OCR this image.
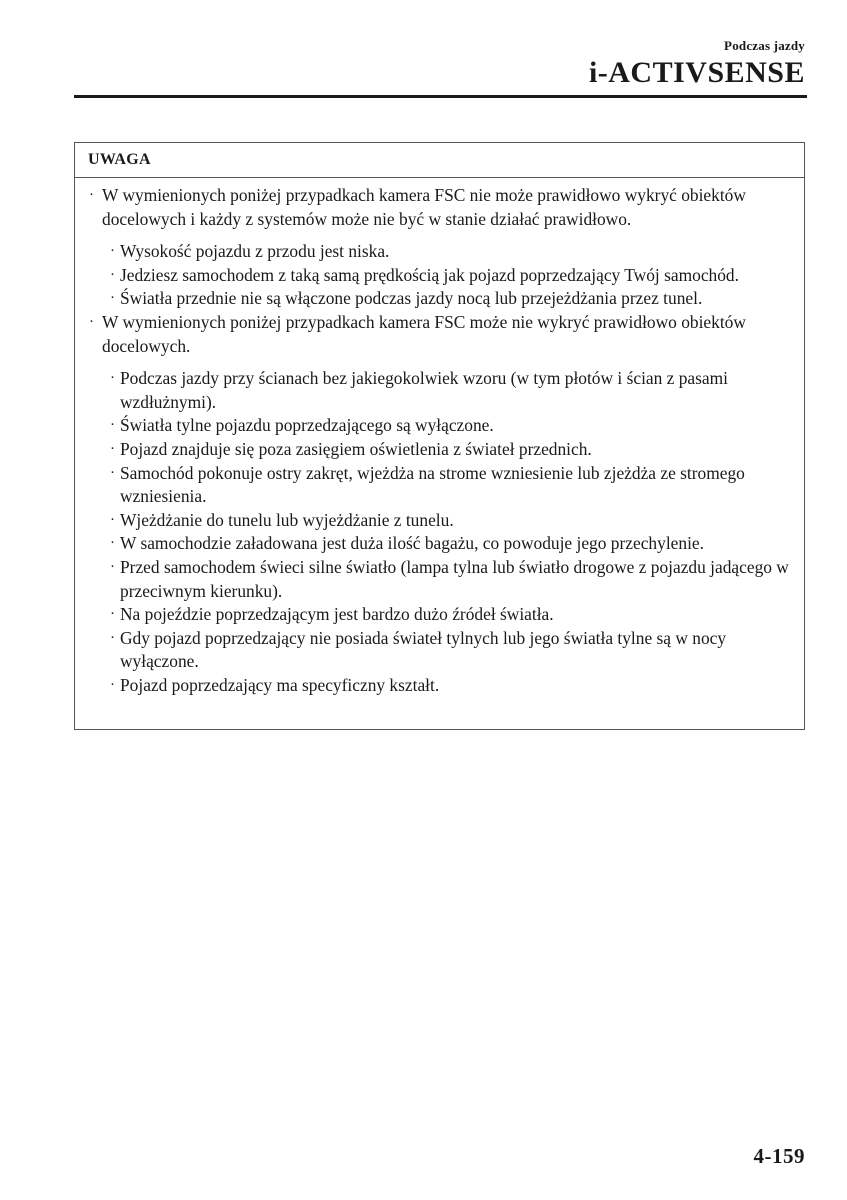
Podczas jazdy
i-ACTIVSENSE
UWAGA
· W wymienionych poniżej przypadkach kamera FSC nie może prawidłowo wykryć obiektów docelowych i każdy z systemów może nie być w stanie działać prawidłowo.
· Wysokość pojazdu z przodu jest niska.
· Jedziesz samochodem z taką samą prędkością jak pojazd poprzedzający Twój samochód.
· Światła przednie nie są włączone podczas jazdy nocą lub przejeżdżania przez tunel.
· W wymienionych poniżej przypadkach kamera FSC może nie wykryć prawidłowo obiektów docelowych.
· Podczas jazdy przy ścianach bez jakiegokolwiek wzoru (w tym płotów i ścian z pasami wzdłużnymi).
· Światła tylne pojazdu poprzedzającego są wyłączone.
· Pojazd znajduje się poza zasięgiem oświetlenia z świateł przednich.
· Samochód pokonuje ostry zakręt, wjeżdża na strome wzniesienie lub zjeżdża ze stromego wzniesienia.
· Wjeżdżanie do tunelu lub wyjeżdżanie z tunelu.
· W samochodzie załadowana jest duża ilość bagażu, co powoduje jego przechylenie.
· Przed samochodem świeci silne światło (lampa tylna lub światło drogowe z pojazdu jadącego w przeciwnym kierunku).
· Na pojeździe poprzedzającym jest bardzo dużo źródeł światła.
· Gdy pojazd poprzedzający nie posiada świateł tylnych lub jego światła tylne są w nocy wyłączone.
· Pojazd poprzedzający ma specyficzny kształt.
4-159
